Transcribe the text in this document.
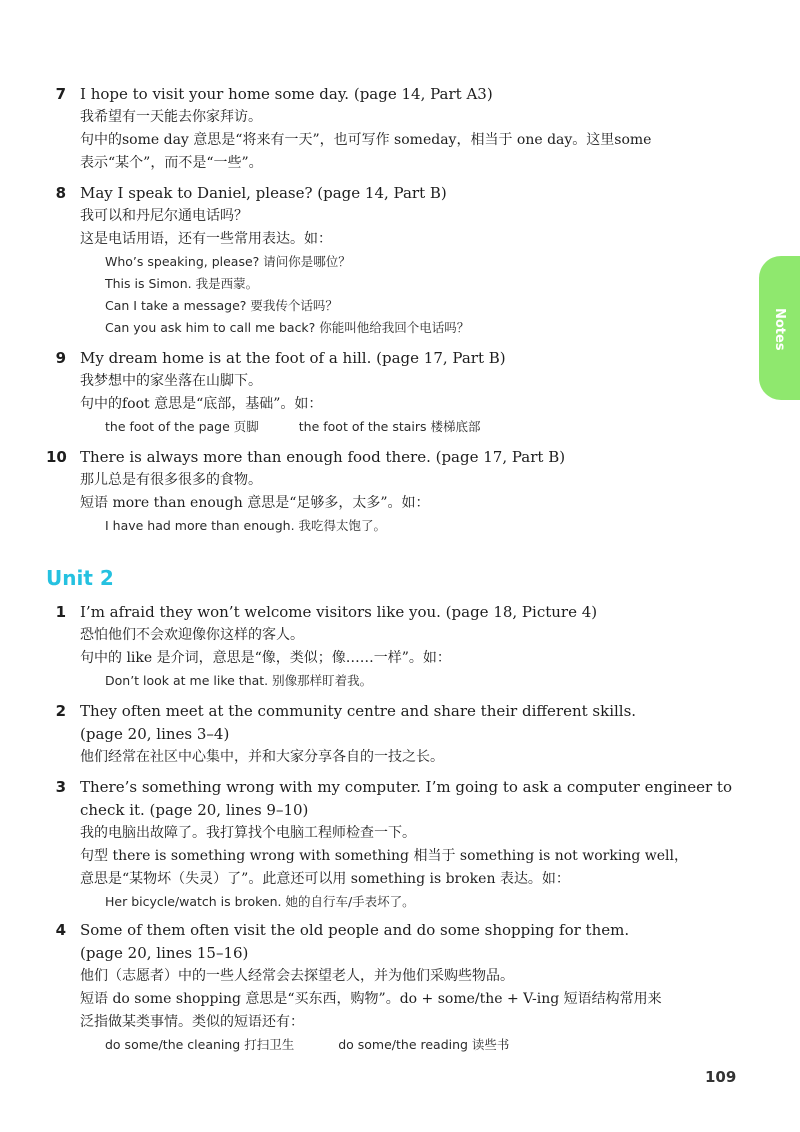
Notes
7 I hope to visit your home some day. (page 14, Part A3)
我希望有一天能去你家拜访。
句中的some day 意思是“将来有一天”，也可写作 someday，相当于 one day。这里some
表示“某个”，而不是“一些”。
8 May I speak to Daniel, please? (page 14, Part B)
我可以和丹尼尔通电话吗？
这是电话用语，还有一些常用表达。如：
Who’s speaking, please? 请问你是哪位？
This is Simon. 我是西蒙。
Can I take a message? 要我传个话吗？
Can you ask him to call me back? 你能叫他给我回个电话吗？
9 My dream home is at the foot of a hill. (page 17, Part B)
我梦想中的家坐落在山脚下。
句中的foot 意思是“底部，基础”。如：
the foot of the page 页脚	the foot of the stairs 楼梯底部
10 There is always more than enough food there. (page 17, Part B)
那儿总是有很多很多的食物。
短语 more than enough 意思是“足够多，太多”。如：
I have had more than enough. 我吃得太饱了。
Unit 2
1 I’m afraid they won’t welcome visitors like you. (page 18, Picture 4)
恐怕他们不会欢迎像你这样的客人。
句中的 like 是介词，意思是“像，类似；像……一样”。如：
Don’t look at me like that. 别像那样盯着我。
2 They often meet at the community centre and share their different skills.
(page 20, lines 3–4)
他们经常在社区中心集中，并和大家分享各自的一技之长。
3 There’s something wrong with my computer. I’m going to ask a computer engineer to
check it. (page 20, lines 9–10)
我的电脑出故障了。我打算找个电脑工程师检查一下。
句型 there is something wrong with something 相当于 something is not working well，
意思是“某物坏（失灵）了”。此意还可以用 something is broken 表达。如：
Her bicycle/watch is broken. 她的自行车/手表坏了。
4 Some of them often visit the old people and do some shopping for them.
(page 20, lines 15–16)
他们（志愿者）中的一些人经常会去探望老人，并为他们采购些物品。
短语 do some shopping 意思是“买东西，购物”。do + some/the + V-ing 短语结构常用来
泛指做某类事情。类似的短语还有：
do some/the cleaning 打扫卫生	do some/the reading 读些书
109
